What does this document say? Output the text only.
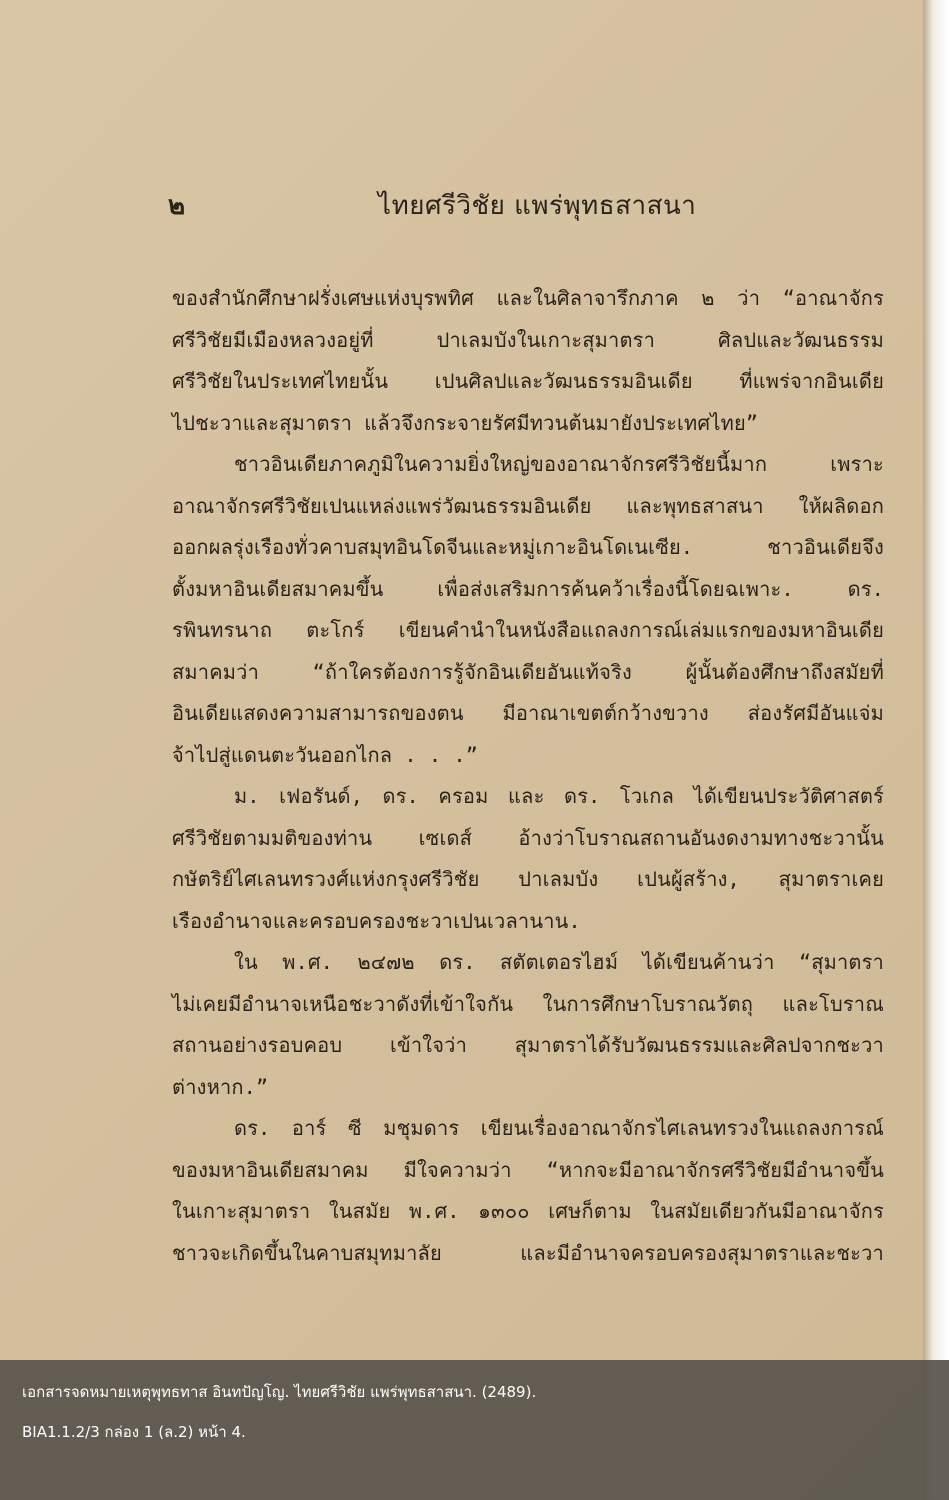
๒	ไทยศรีวิชัย แพร่พุทธสาสนา
ของสำนักศึกษาฝรั่งเศษแห่งบุรพทิศ และในศิลาจารึกภาค ๒ ว่า “อาณาจักร
ศรีวิชัยมีเมืองหลวงอยู่ที่ ปาเลมบังในเกาะสุมาตรา ศิลปและวัฒนธรรม
ศรีวิชัยในประเทศไทยนั้น เปนศิลปและวัฒนธรรมอินเดีย ที่แพร่จากอินเดีย
ไปชะวาและสุมาตรา แล้วจึงกระจายรัศมีทวนต้นมายังประเทศไทย”
ชาวอินเดียภาคภูมิในความยิ่งใหญ่ของอาณาจักรศรีวิชัยนี้มาก เพราะ
อาณาจักรศรีวิชัยเปนแหล่งแพร่วัฒนธรรมอินเดีย และพุทธสาสนา ให้ผลิดอก
ออกผลรุ่งเรืองทั่วคาบสมุทอินโดจีนและหมู่เกาะอินโดเนเซีย. ชาวอินเดียจึง
ตั้งมหาอินเดียสมาคมขึ้น เพื่อส่งเสริมการค้นคว้าเรื่องนี้โดยฉเพาะ. ดร.
รพินทรนาถ ตะโกร์ เขียนคำนำในหนังสือแถลงการณ์เล่มแรกของมหาอินเดีย
สมาคมว่า “ถ้าใครต้องการรู้จักอินเดียอันแท้จริง ผู้นั้นต้องศึกษาถึงสมัยที่
อินเดียแสดงความสามารถของตน มีอาณาเขตต์กว้างขวาง ส่องรัศมีอันแจ่ม
จ้าไปสู่แดนตะวันออกไกล . . .”
ม. เฟอรันด์, ดร. ครอม และ ดร. โวเกล ได้เขียนประวัติศาสตร์
ศรีวิชัยตามมติของท่าน เซเดส์ อ้างว่าโบราณสถานอันงดงามทางชะวานั้น
กษัตริย์ไศเลนทรวงศ์แห่งกรุงศรีวิชัย ปาเลมบัง เปนผู้สร้าง, สุมาตราเคย
เรืองอำนาจและครอบครองชะวาเปนเวลานาน.
ใน พ.ศ. ๒๔๗๒ ดร. สตัตเตอรไฮม์ ได้เขียนค้านว่า “สุมาตรา
ไม่เคยมีอำนาจเหนือชะวาดังที่เข้าใจกัน ในการศึกษาโบราณวัตถุ และโบราณ
สถานอย่างรอบคอบ เข้าใจว่า สุมาตราได้รับวัฒนธรรมและศิลปจากชะวา
ต่างหาก.”
ดร. อาร์ ซี มชุมดาร เขียนเรื่องอาณาจักรไศเลนทรวงในแถลงการณ์
ของมหาอินเดียสมาคม มีใจความว่า “หากจะมีอาณาจักรศรีวิชัยมีอำนาจขึ้น
ในเกาะสุมาตรา ในสมัย พ.ศ. ๑๓๐๐ เศษก็ตาม ในสมัยเดียวกันมีอาณาจักร
ชาวจะเกิดขึ้นในคาบสมุทมาลัย และมีอำนาจครอบครองสุมาตราและชะวา
เอกสารจดหมายเหตุพุทธทาส อินทปัญโญ. ไทยศรีวิชัย แพร่พุทธสาสนา. (2489).
BIA1.1.2/3 กล่อง 1 (ล.2) หน้า 4.
